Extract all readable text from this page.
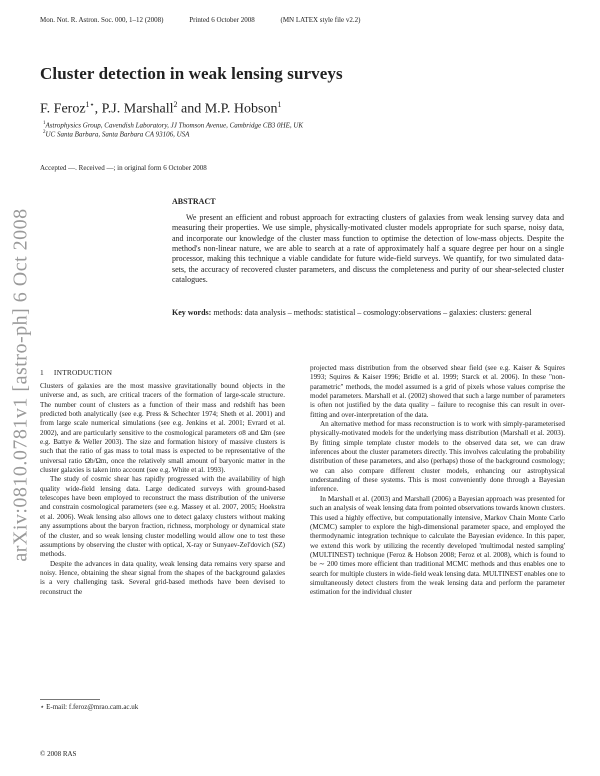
Mon. Not. R. Astron. Soc. 000, 1–12 (2008)	Printed 6 October 2008	(MN LATEX style file v2.2)
Cluster detection in weak lensing surveys
F. Feroz$^{1⋆}$, P.J. Marshall$^2$ and M.P. Hobson$^1$
$^1$Astrophysics Group, Cavendish Laboratory, JJ Thomson Avenue, Cambridge CB3 0HE, UK
$^2$UC Santa Barbara, Santa Barbara CA 93106, USA
Accepted —. Received —; in original form 6 October 2008
arXiv:0810.0781v1 [astro-ph] 6 Oct 2008
ABSTRACT

We present an efficient and robust approach for extracting clusters of galaxies from weak lensing survey data and measuring their properties. We use simple, physically-motivated cluster models appropriate for such sparse, noisy data, and incorporate our knowledge of the cluster mass function to optimise the detection of low-mass objects. Despite the method's non-linear nature, we are able to search at a rate of approximately half a square degree per hour on a single processor, making this technique a viable candidate for future wide-field surveys. We quantify, for two simulated data-sets, the accuracy of recovered cluster parameters, and discuss the completeness and purity of our shear-selected cluster catalogues.

Key words: methods: data analysis – methods: statistical – cosmology:observations – galaxies: clusters: general

1 INTRODUCTION

Clusters of galaxies are the most massive gravitationally bound objects in the universe and, as such, are critical tracers of the formation of large-scale structure. The number count of clusters as a function of their mass and redshift has been predicted both analytically (see e.g. Press & Schechter 1974; Sheth et al. 2001) and from large scale numerical simulations (see e.g. Jenkins et al. 2001; Evrard et al. 2002), and are particularly sensitive to the cosmological parameters σ8 and Ωm (see e.g. Battye & Weller 2003). The size and formation history of massive clusters is such that the ratio of gas mass to total mass is expected to be representative of the universal ratio Ωb/Ωm, once the relatively small amount of baryonic matter in the cluster galaxies is taken into account (see e.g. White et al. 1993).

The study of cosmic shear has rapidly progressed with the availability of high quality wide-field lensing data. Large dedicated surveys with ground-based telescopes have been employed to reconstruct the mass distribution of the universe and constrain cosmological parameters (see e.g. Massey et al. 2007, 2005; Hoekstra et al. 2006). Weak lensing also allows one to detect galaxy clusters without making any assumptions about the baryon fraction, richness, morphology or dynamical state of the cluster, and so weak lensing cluster modelling would allow one to test these assumptions by observing the cluster with optical, X-ray or Sunyaev-Zel'dovich (SZ) methods.

Despite the advances in data quality, weak lensing data remains very sparse and noisy. Hence, obtaining the shear signal from the shapes of the background galaxies is a very challenging task. Several grid-based methods have been devised to reconstruct the

projected mass distribution from the observed shear field (see e.g. Kaiser & Squires 1993; Squires & Kaiser 1996; Bridle et al. 1999; Starck et al. 2006). In these "non-parametric" methods, the model assumed is a grid of pixels whose values comprise the model parameters. Marshall et al. (2002) showed that such a large number of parameters is often not justified by the data quality – failure to recognise this can result in over-fitting and over-interpretation of the data.

An alternative method for mass reconstruction is to work with simply-parameterised physically-motivated models for the underlying mass distribution (Marshall et al. 2003). By fitting simple template cluster models to the observed data set, we can draw inferences about the cluster parameters directly. This involves calculating the probability distribution of these parameters, and also (perhaps) those of the background cosmology; we can also compare different cluster models, enhancing our astrophysical understanding of these systems. This is most conveniently done through a Bayesian inference.

In Marshall et al. (2003) and Marshall (2006) a Bayesian approach was presented for such an analysis of weak lensing data from pointed observations towards known clusters. This used a highly effective, but computationally intensive, Markov Chain Monte Carlo (MCMC) sampler to explore the high-dimensional parameter space, and employed the thermodynamic integration technique to calculate the Bayesian evidence. In this paper, we extend this work by utilizing the recently developed 'multimodal nested sampling' (MULTINEST) technique (Feroz & Hobson 2008; Feroz et al. 2008), which is found to be ∼ 200 times more efficient than traditional MCMC methods and thus enables one to search for multiple clusters in wide-field weak lensing data. MULTINEST enables one to simultaneously detect clusters from the weak lensing data and perform the parameter estimation for the individual cluster

⋆ E-mail: f.feroz@mrao.cam.ac.uk
© 2008 RAS
